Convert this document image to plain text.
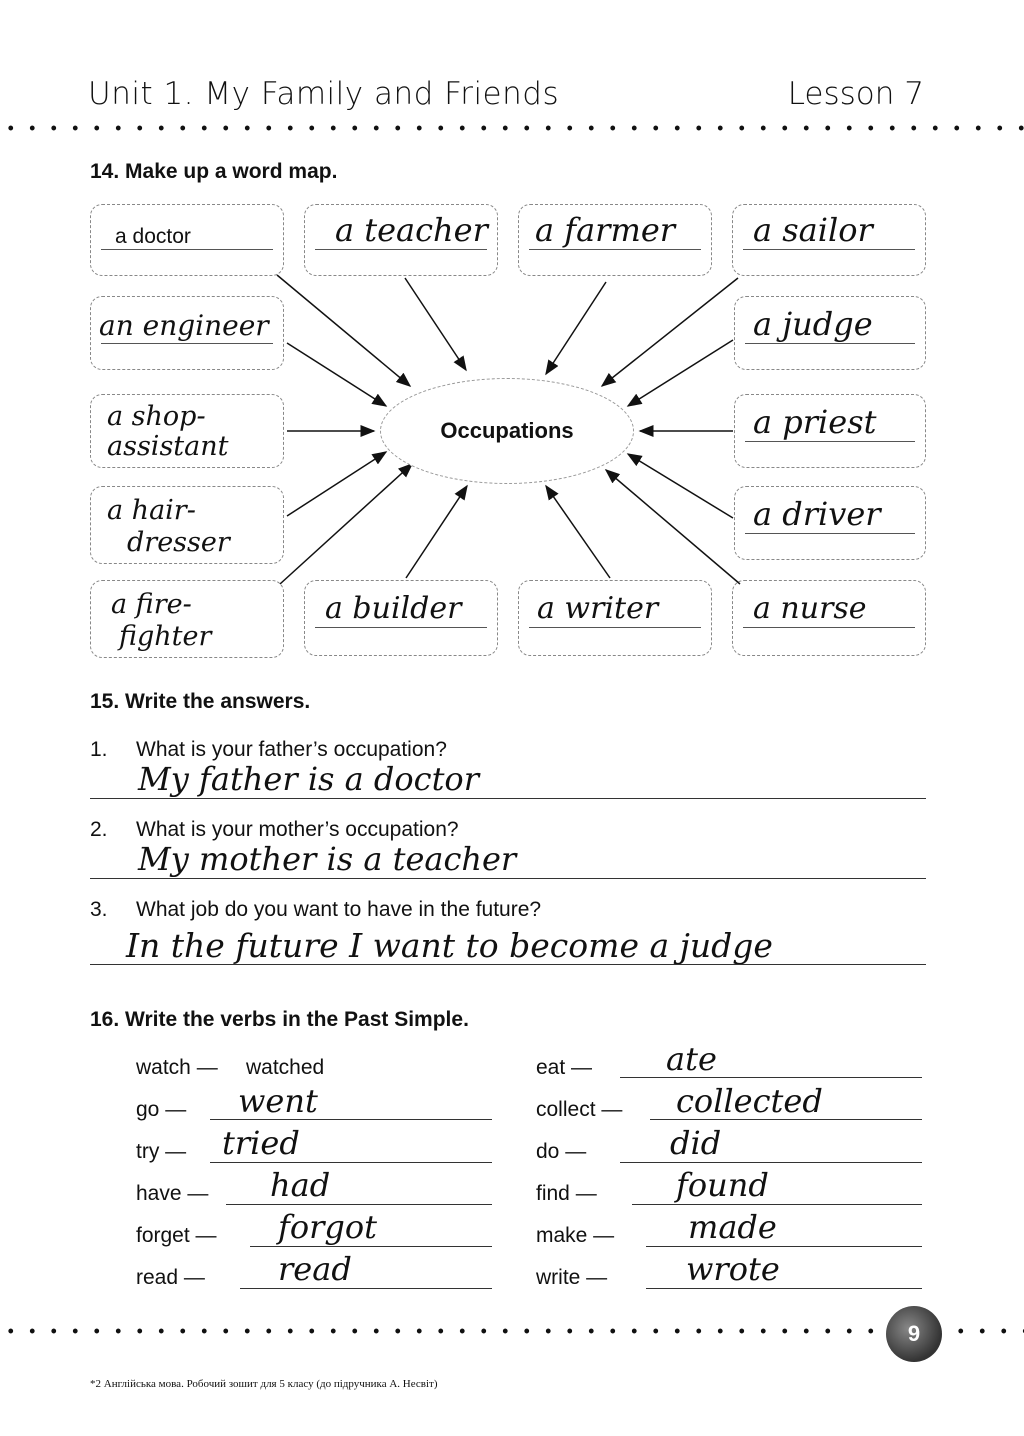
Unit 1. My Family and Friends	Lesson 7
14. Make up a word map.
a doctor	a teacher a farmer a sailor
an engineer
a shop-
assistant
a hair-
dresser
a judge
a priest
a driver
Occupations
a fire-
fighter
a builder	a writer	a nurse
15. Write the answers.
1. What is your father’s occupation?
My father is a doctor
2. What is your mother’s occupation?
My mother is a teacher
3. What job do you want to have in the future?
In the future I want to become a judge
16. Write the verbs in the Past Simple.
watch — watched
go — went
try — tried
have — had
forget — forgot
read — read
eat — ate
collect — collected
do —	did
find — found
make — made
write — wrote
9
*2 Англійська мова. Робочий зошит для 5 класу (до підручника А. Несвіт)
